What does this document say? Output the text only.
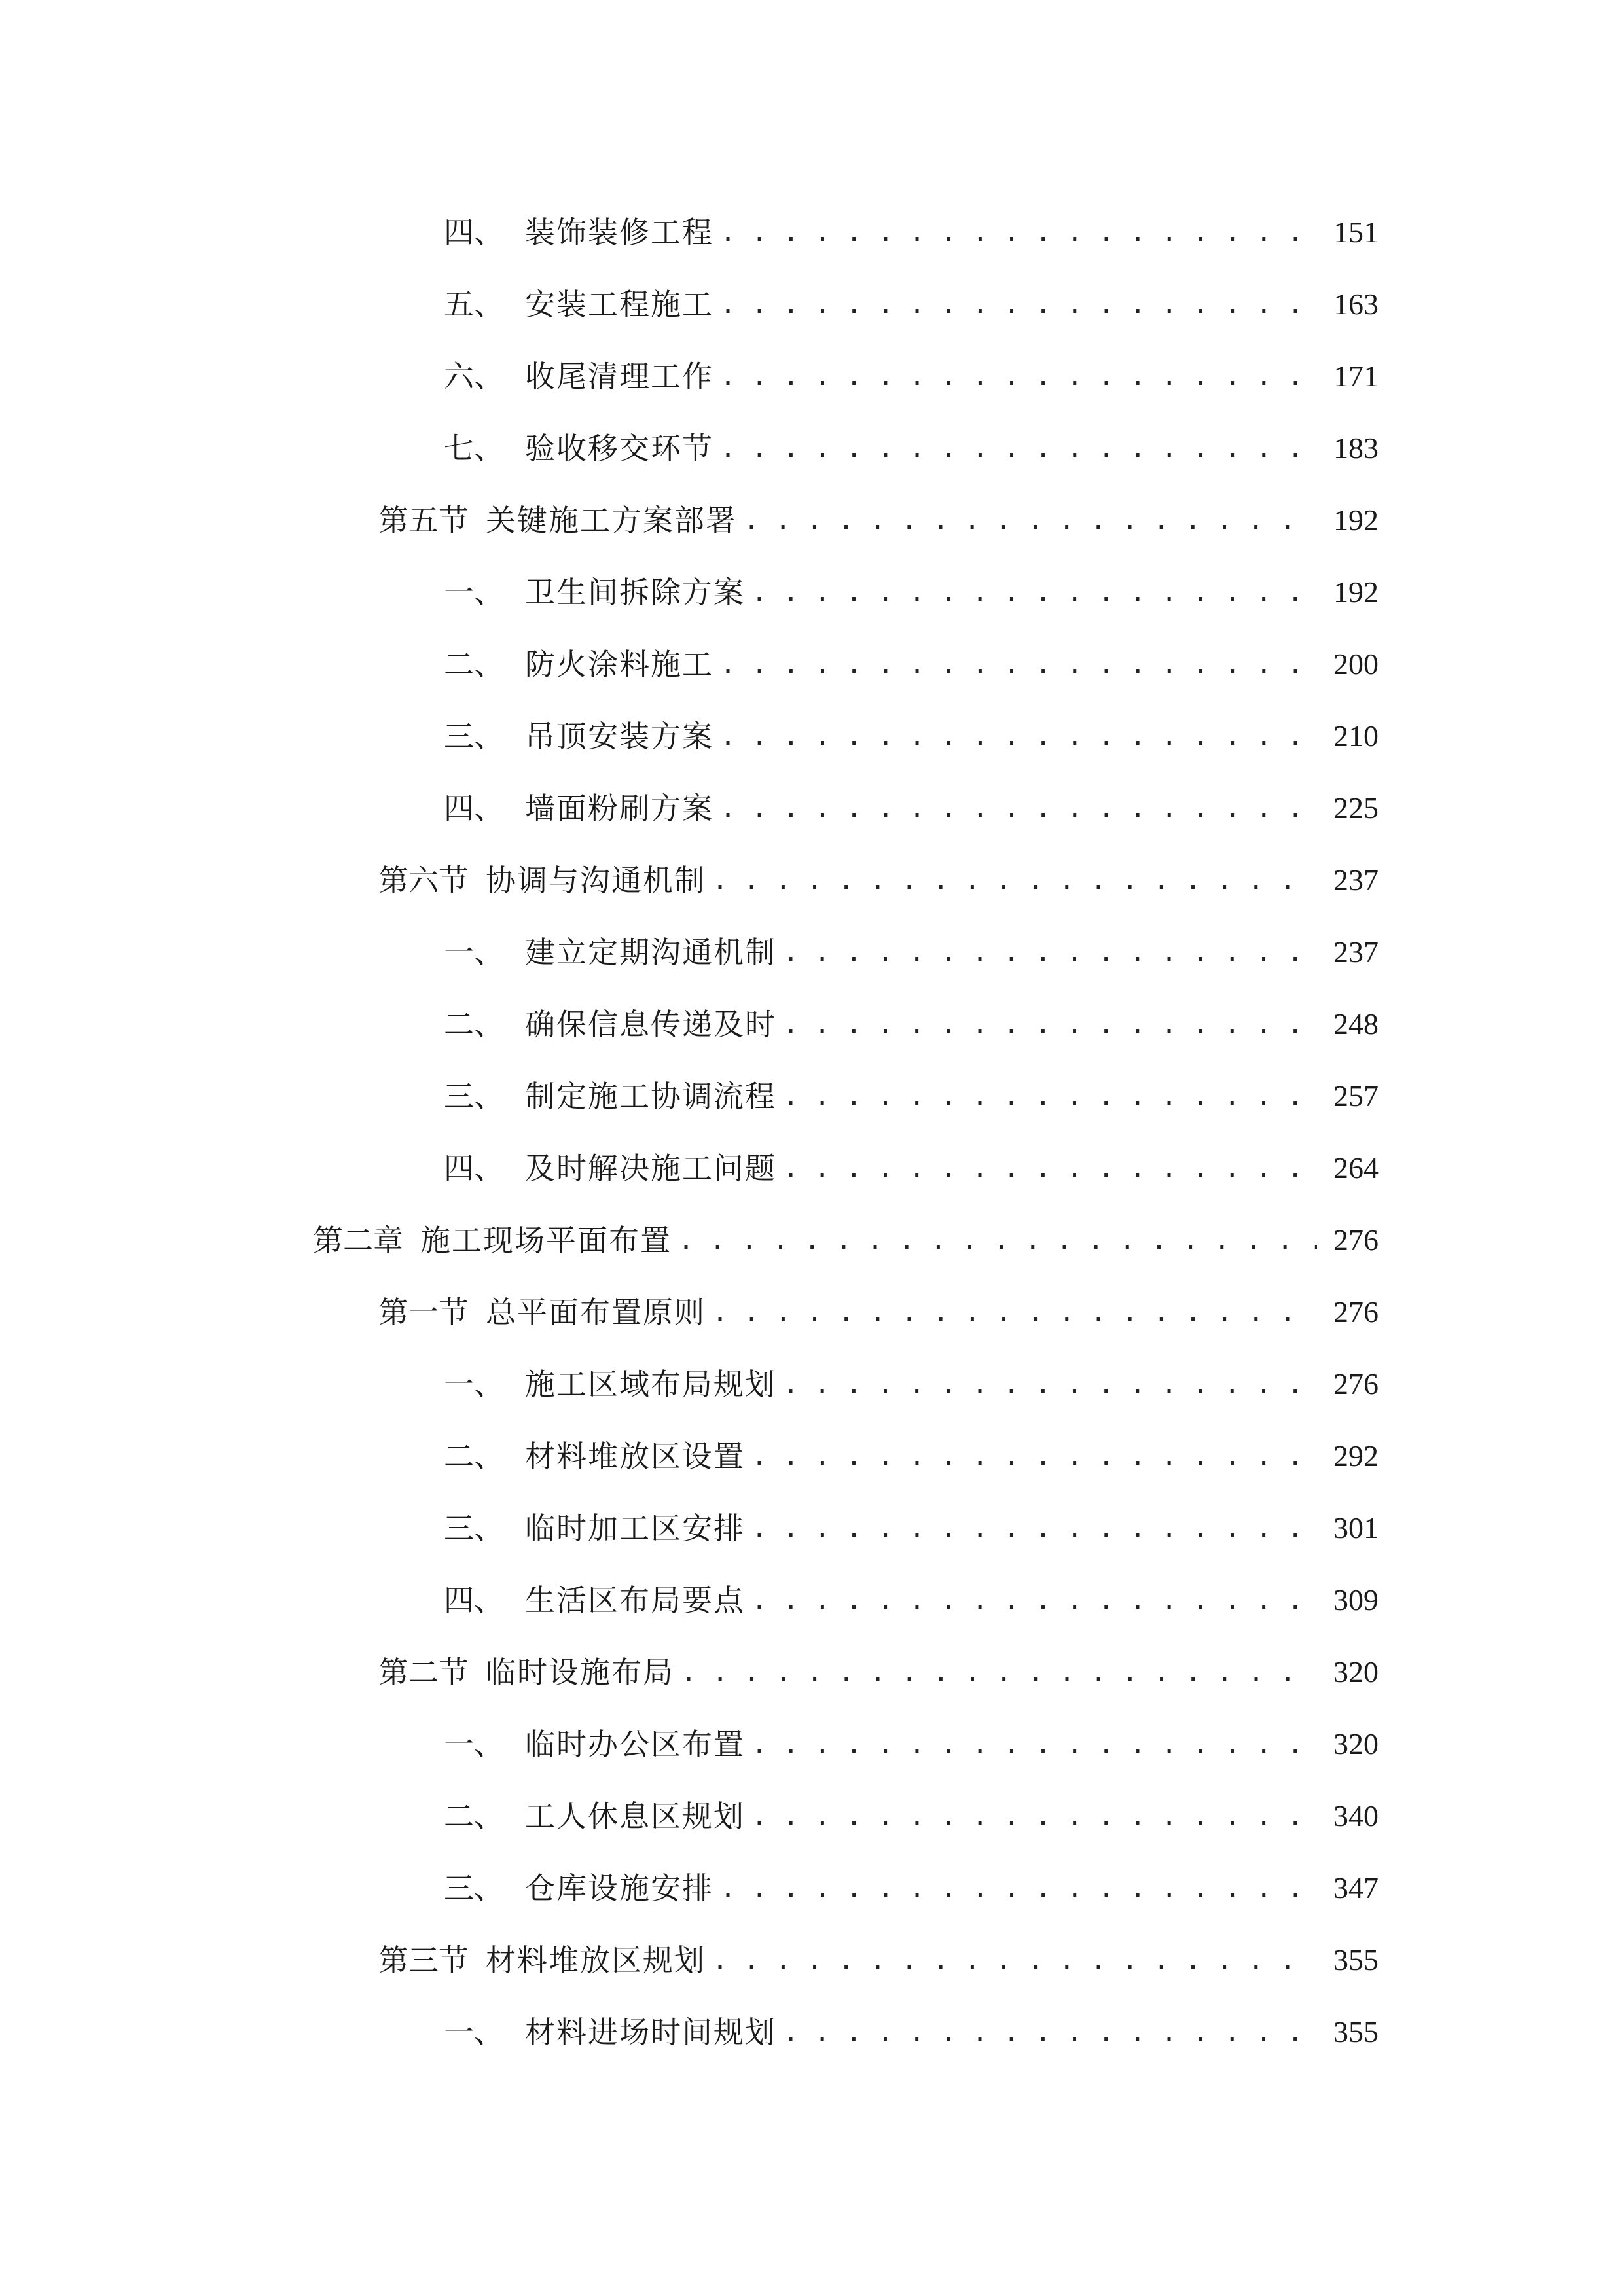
四、 装饰装修工程 . . .	151
五、 安装工程施工 . . .	163
六、 收尾清理工作 . . .	171
七、 验收移交环节 . . .	183
第五节 关键施工方案部署 . . .	192
一、 卫生间拆除方案 . . .	192
二、 防火涂料施工 . . .	200
三、 吊顶安装方案 . . .	210
四、 墙面粉刷方案 . . .	225
第六节 协调与沟通机制 . . .	237
一、 建立定期沟通机制 . . .	237
二、 确保信息传递及时 . . .	248
三、 制定施工协调流程 . . .	257
四、 及时解决施工问题 . . .	264
第二章 施工现场平面布置 . . .	276
第一节 总平面布置原则 . . .	276
一、 施工区域布局规划 . . .	276
二、 材料堆放区设置 . . .	292
三、 临时加工区安排 . . .	301
四、 生活区布局要点 . . .	309
第二节 临时设施布局 . . .	320
一、 临时办公区布置 . . .	320
二、 工人休息区规划 . . .	340
三、 仓库设施安排 . . .	347
第三节 材料堆放区规划 . . .	355
一、 材料进场时间规划 . . .	355
